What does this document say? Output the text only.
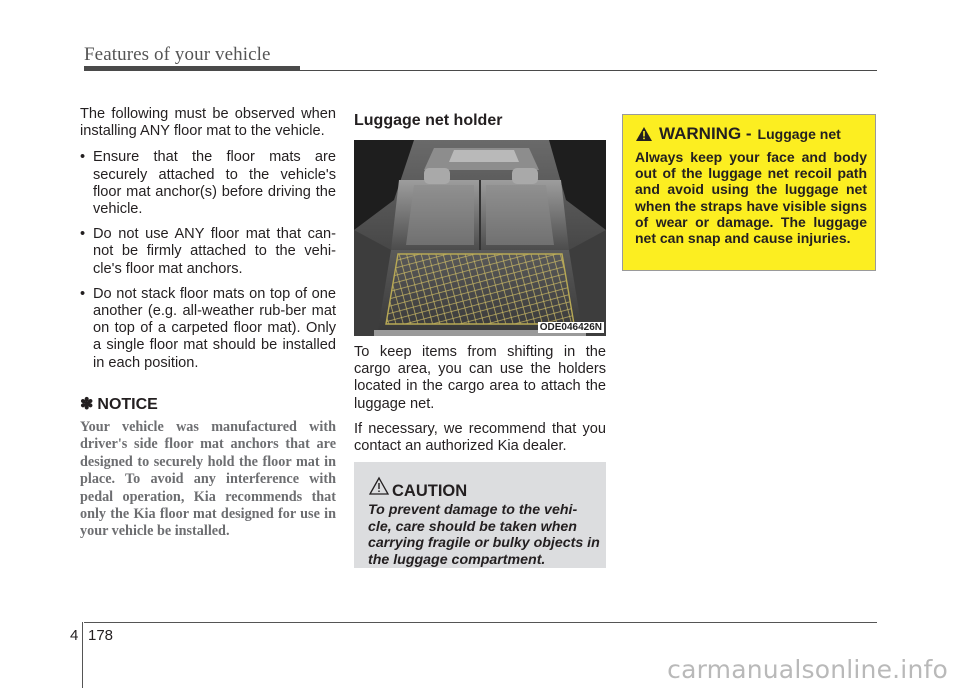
Features of your vehicle

The following must be observed when installing ANY floor mat to the vehicle.

• Ensure that the floor mats are securely attached to the vehicle's floor mat anchor(s) before driving the vehicle.
• Do not use ANY floor mat that can-not be firmly attached to the vehi-cle's floor mat anchors.
• Do not stack floor mats on top of one another (e.g. all-weather rub-ber mat on top of a carpeted floor mat). Only a single floor mat should be installed in each position.
✽ NOTICE

Your vehicle was manufactured with driver's side floor mat anchors that are designed to securely hold the floor mat in place. To avoid any interference with pedal operation, Kia recommends that only the Kia floor mat designed for use in your vehicle be installed.

Luggage net holder
ODE046426N

To keep items from shifting in the cargo area, you can use the holders located in the cargo area to attach the luggage net.

If necessary, we recommend that you contact an authorized Kia dealer.

CAUTION

To prevent damage to the vehi-cle, care should be taken when carrying fragile or bulky objects in the luggage compartment.

WARNING - Luggage net

Always keep your face and body out of the luggage net recoil path and avoid using the luggage net when the straps have visible signs of wear or damage. The luggage net can snap and cause injuries.

4 178
carmanualsonline.info
